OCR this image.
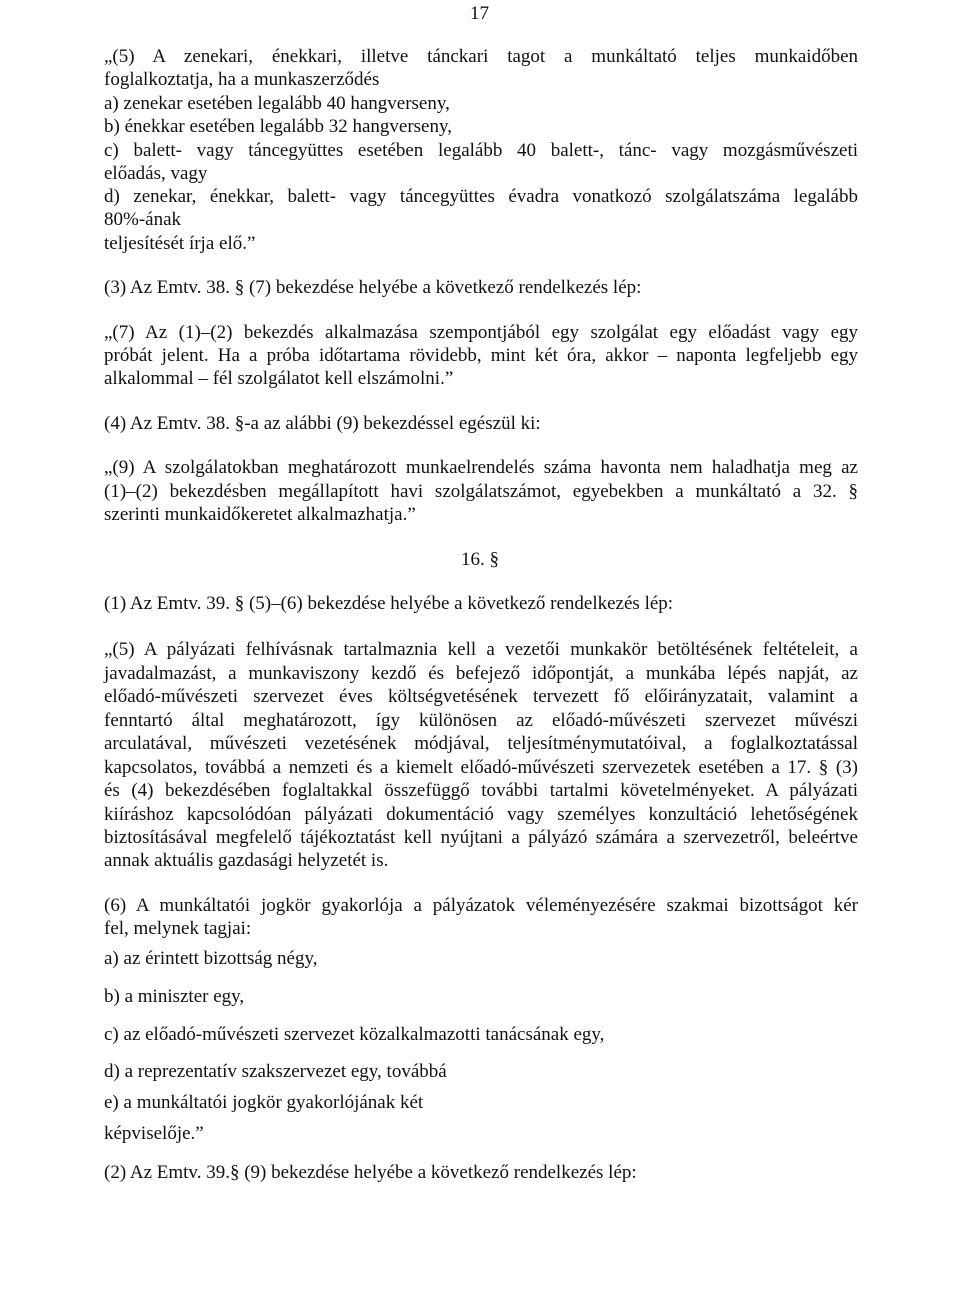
17
„(5) A zenekari, énekkari, illetve tánckari tagot a munkáltató teljes munkaidőben
foglalkoztatja, ha a munkaszerződés
a) zenekar esetében legalább 40 hangverseny,
b) énekkar esetében legalább 32 hangverseny,
c) balett- vagy táncegyüttes esetében legalább 40 balett-, tánc- vagy mozgásművészeti
előadás, vagy
d) zenekar, énekkar, balett- vagy táncegyüttes évadra vonatkozó szolgálatszáma legalább
80%-ának
teljesítését írja elő.”
(3) Az Emtv. 38. § (7) bekezdése helyébe a következő rendelkezés lép:
„(7) Az (1)–(2) bekezdés alkalmazása szempontjából egy szolgálat egy előadást vagy egy
próbát jelent. Ha a próba időtartama rövidebb, mint két óra, akkor – naponta legfeljebb egy
alkalommal – fél szolgálatot kell elszámolni.”
(4) Az Emtv. 38. §-a az alábbi (9) bekezdéssel egészül ki:
„(9) A szolgálatokban meghatározott munkaelrendelés száma havonta nem haladhatja meg az
(1)–(2) bekezdésben megállapított havi szolgálatszámot, egyebekben a munkáltató a 32. §
szerinti munkaidőkeretet alkalmazhatja.”
16. §
(1) Az Emtv. 39. § (5)–(6) bekezdése helyébe a következő rendelkezés lép:
„(5) A pályázati felhívásnak tartalmaznia kell a vezetői munkakör betöltésének feltételeit, a
javadalmazást, a munkaviszony kezdő és befejező időpontját, a munkába lépés napját, az
előadó-művészeti szervezet éves költségvetésének tervezett fő előirányzatait, valamint a
fenntartó által meghatározott, így különösen az előadó-művészeti szervezet művészi
arculatával, művészeti vezetésének módjával, teljesítménymutatóival, a foglalkoztatással
kapcsolatos, továbbá a nemzeti és a kiemelt előadó-művészeti szervezetek esetében a 17. § (3)
és (4) bekezdésében foglaltakkal összefüggő további tartalmi követelményeket. A pályázati
kiíráshoz kapcsolódóan pályázati dokumentáció vagy személyes konzultáció lehetőségének
biztosításával megfelelő tájékoztatást kell nyújtani a pályázó számára a szervezetről, beleértve
annak aktuális gazdasági helyzetét is.
(6) A munkáltatói jogkör gyakorlója a pályázatok véleményezésére szakmai bizottságot kér
fel, melynek tagjai:
a) az érintett bizottság négy,
b) a miniszter egy,
c) az előadó-művészeti szervezet közalkalmazotti tanácsának egy,
d) a reprezentatív szakszervezet egy, továbbá
e) a munkáltatói jogkör gyakorlójának két
képviselője.”
(2) Az Emtv. 39.§ (9) bekezdése helyébe a következő rendelkezés lép:
